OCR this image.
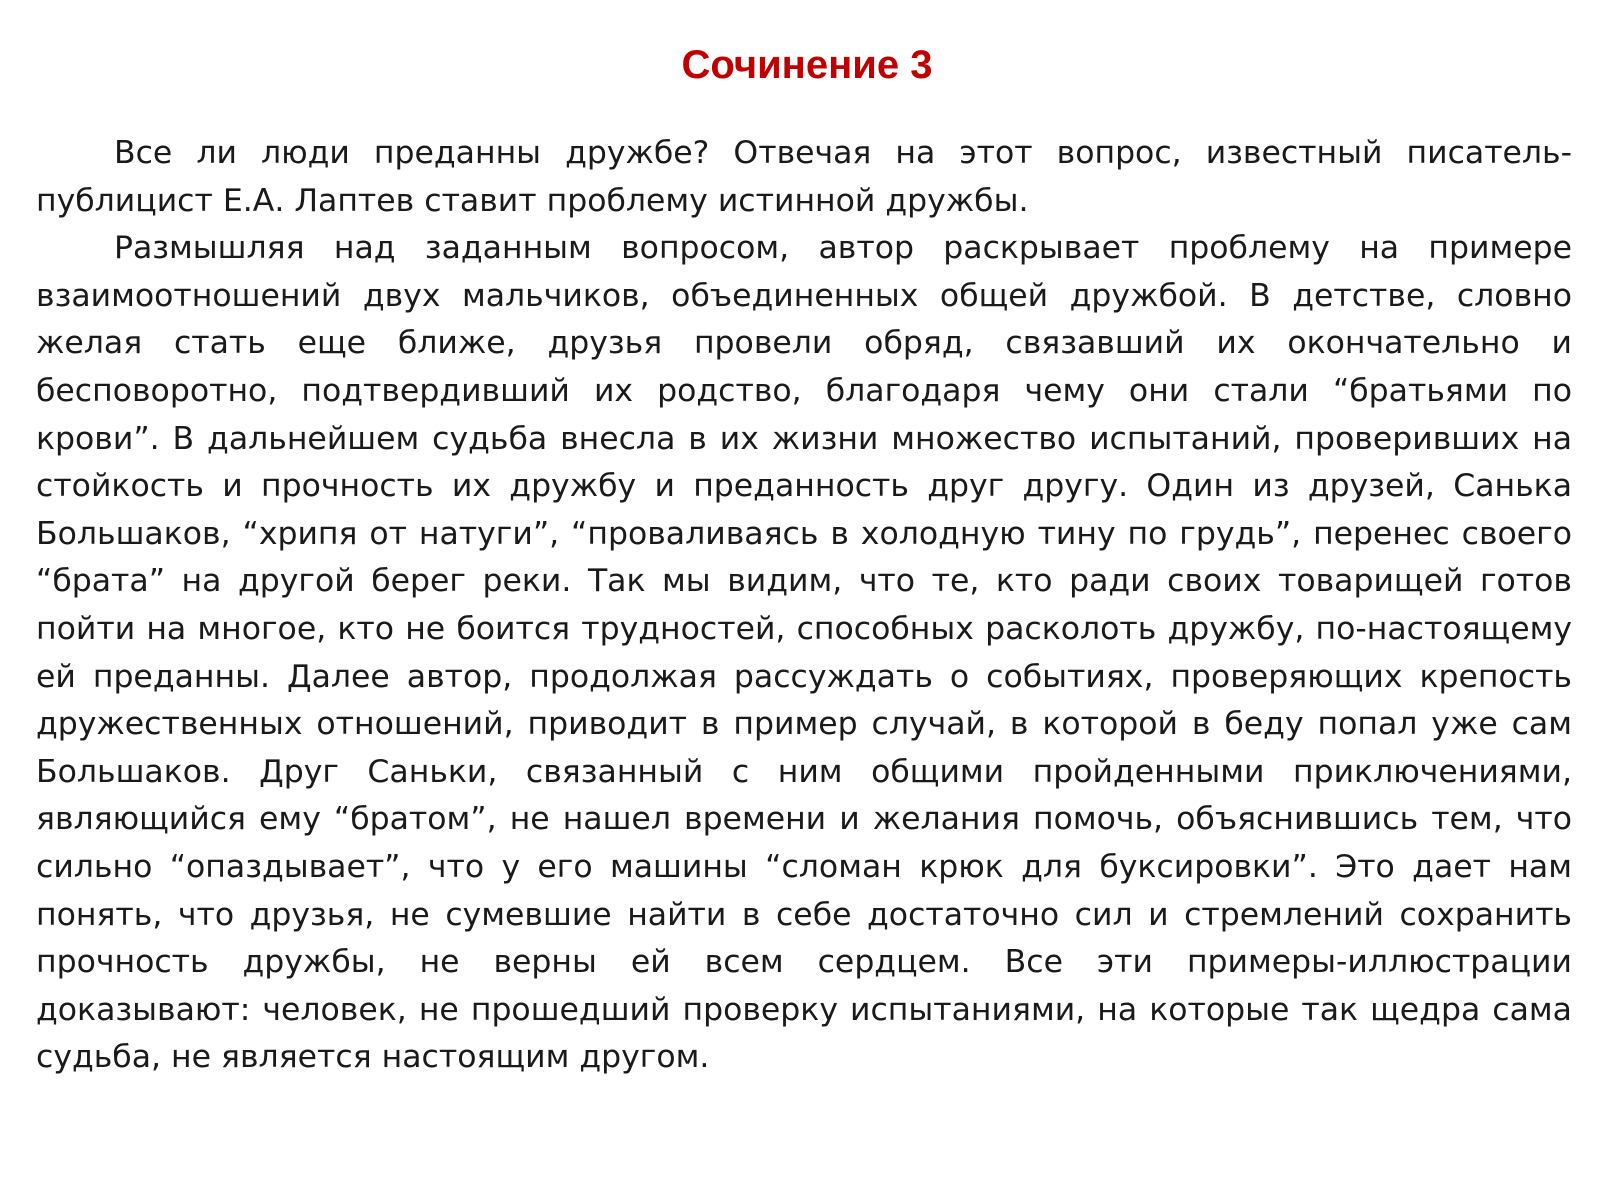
Сочинение 3

Все ли люди преданны дружбе? Отвечая на этот вопрос, известный писатель-публицист Е.А. Лаптев ставит проблему истинной дружбы.

Размышляя над заданным вопросом, автор раскрывает проблему на примере взаимоотношений двух мальчиков, объединенных общей дружбой. В детстве, словно желая стать еще ближе, друзья провели обряд, связавший их окончательно и бесповоротно, подтвердивший их родство, благодаря чему они стали “братьями по крови”. В дальнейшем судьба внесла в их жизни множество испытаний, проверивших на стойкость и прочность их дружбу и преданность друг другу. Один из друзей, Санька Большаков, “хрипя от натуги”, “проваливаясь в холодную тину по грудь”, перенес своего “брата” на другой берег реки. Так мы видим, что те, кто ради своих товарищей готов пойти на многое, кто не боится трудностей, способных расколоть дружбу, по-настоящему ей преданны. Далее автор, продолжая рассуждать о событиях, проверяющих крепость дружественных отношений, приводит в пример случай, в которой в беду попал уже сам Большаков. Друг Саньки, связанный с ним общими пройденными приключениями, являющийся ему “братом”, не нашел времени и желания помочь, объяснившись тем, что сильно “опаздывает”, что у его машины “сломан крюк для буксировки”. Это дает нам понять, что друзья, не сумевшие найти в себе достаточно сил и стремлений сохранить прочность дружбы, не верны ей всем сердцем. Все эти примеры-иллюстрации доказывают: человек, не прошедший проверку испытаниями, на которые так щедра сама судьба, не является настоящим другом.
